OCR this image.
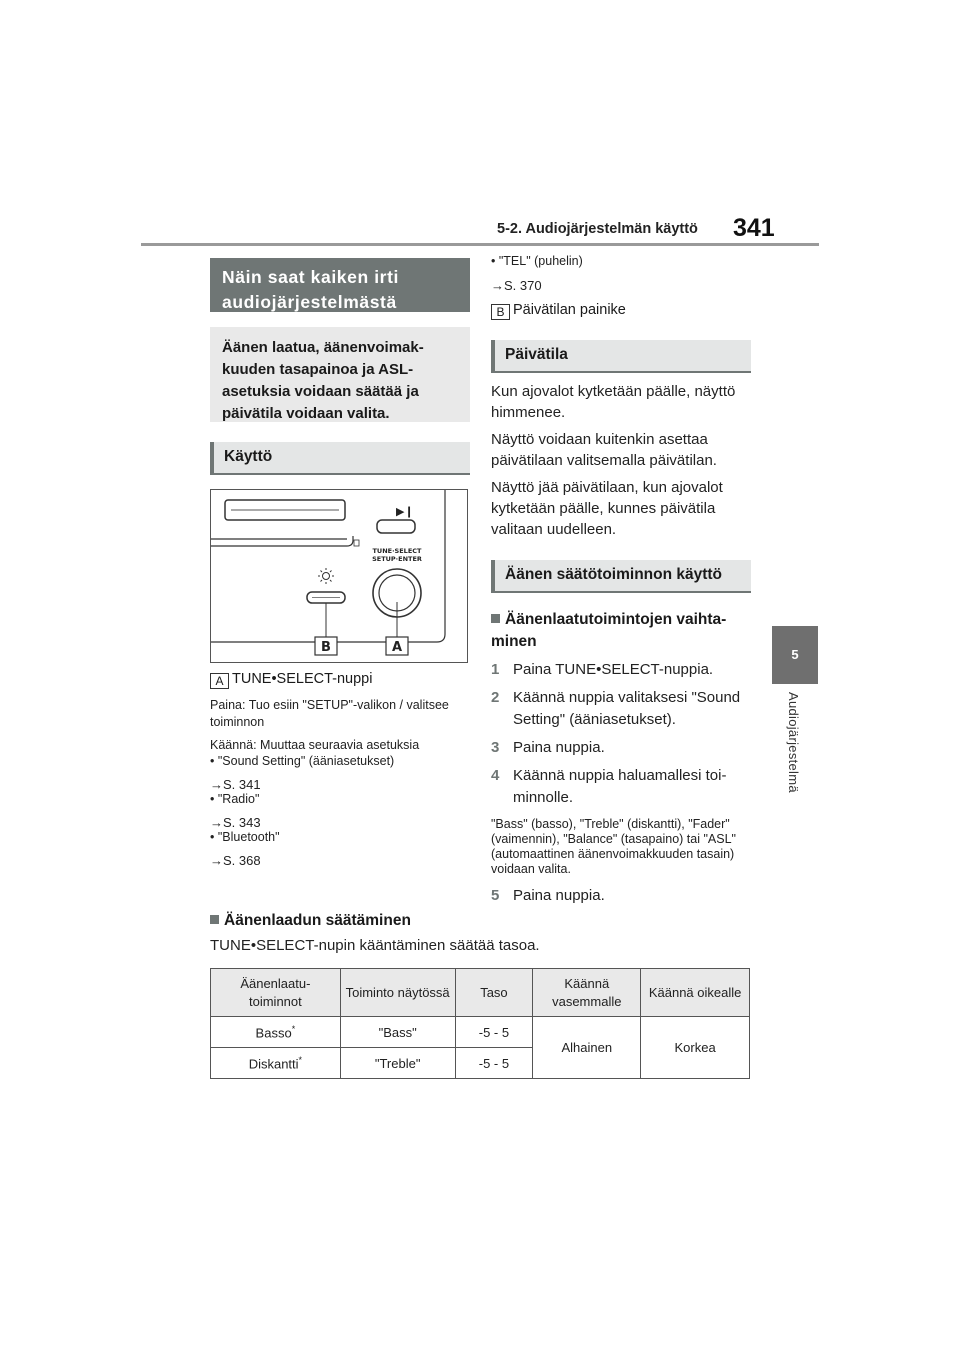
5-2. Audiojärjestelmän käyttö 341
5
Audiojärjestelmä
Näin saat kaiken irti
audiojärjestelmästä
Äänen laatua, äänenvoimakkuuden tasapainoa ja ASL-asetuksia voidaan säätää ja päivätila voidaan valita.
Käyttö
▶❙
TUNE·SELECT
SETUP·ENTER
B	A
A TUNE•SELECT-nuppi
Paina: Tuo esiin "SETUP"-valikon / valitsee toiminnon
Käännä: Muuttaa seuraavia asetuksia
• "Sound Setting" (ääniasetukset)
→S. 341
• "Radio"
→S. 343
• "Bluetooth"
→S. 368
• "TEL" (puhelin)
→S. 370
B Päivätilan painike
Päivätila
Kun ajovalot kytketään päälle, näyttö himmenee.
Näyttö voidaan kuitenkin asettaa päivätilaan valitsemalla päivätilan.
Näyttö jää päivätilaan, kun ajovalot kytketään päälle, kunnes päivätila valitaan uudelleen.
Äänen säätötoiminnon käyttö
Äänenlaatutoimintojen vaihtaminen
1 Paina TUNE•SELECT-nuppia.
2 Käännä nuppia valitaksesi "Sound Setting" (ääniasetukset).
3 Paina nuppia.
4 Käännä nuppia haluamallesi toiminnolle.
"Bass" (basso), "Treble" (diskantti), "Fader" (vaimennin), "Balance" (tasapaino) tai "ASL" (automaattinen äänenvoimakkuuden tasain) voidaan valita.
5 Paina nuppia.
Äänenlaadun säätäminen
TUNE•SELECT-nupin kääntäminen säätää tasoa.
Äänenlaatu-toiminnot	Toiminto näytössä	Taso	Käännä vasemmalle	Käännä oikealle
Basso*	"Bass"	-5 - 5	Alhainen	Korkea
Diskantti*	"Treble"	-5 - 5		
